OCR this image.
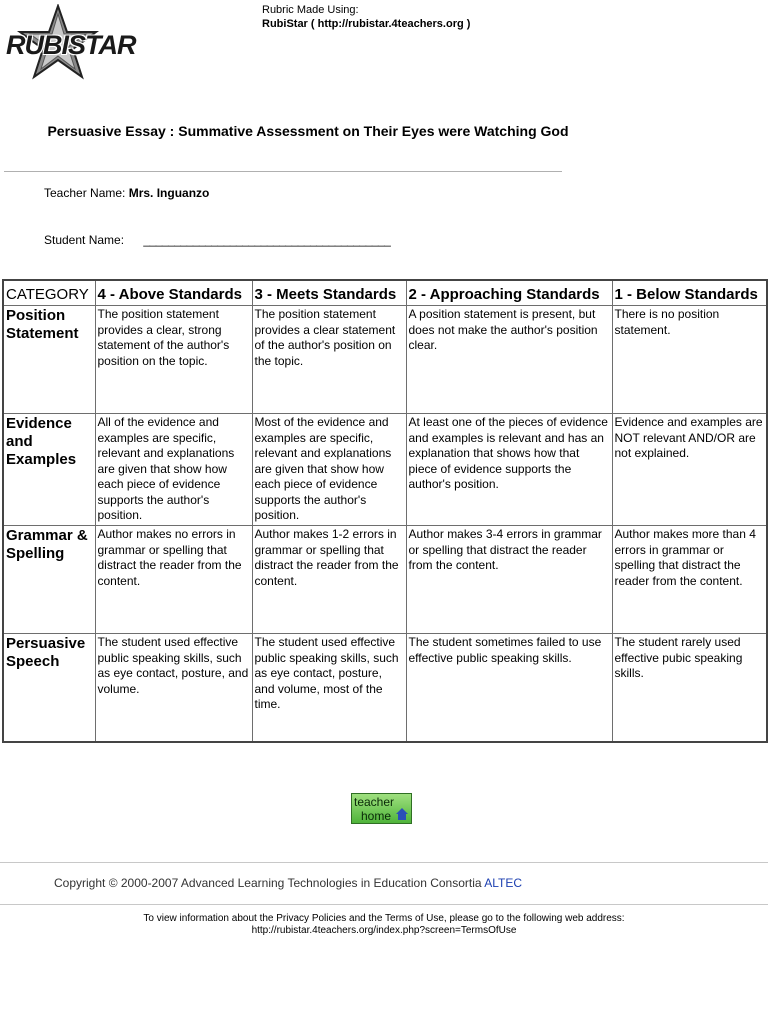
RUBISTAR
Rubric Made Using:
RubiStar ( http://rubistar.4teachers.org )
Persuasive Essay : Summative Assessment on Their Eyes were Watching God
Teacher Name: Mrs. Inguanzo
Student Name: ________________________________________
CATEGORY	4 - Above Standards	3 - Meets Standards	2 - Approaching Standards	1 - Below Standards
Position Statement	The position statement provides a clear, strong statement of the author's position on the topic.	The position statement provides a clear statement of the author's position on the topic.	A position statement is present, but does not make the author's position clear.	There is no position statement.
Evidence and Examples	All of the evidence and examples are specific, relevant and explanations are given that show how each piece of evidence supports the author's position.	Most of the evidence and examples are specific, relevant and explanations are given that show how each piece of evidence supports the author's position.	At least one of the pieces of evidence and examples is relevant and has an explanation that shows how that piece of evidence supports the author's position.	Evidence and examples are NOT relevant AND/OR are not explained.
Grammar & Spelling	Author makes no errors in grammar or spelling that distract the reader from the content.	Author makes 1-2 errors in grammar or spelling that distract the reader from the content.	Author makes 3-4 errors in grammar or spelling that distract the reader from the content.	Author makes more than 4 errors in grammar or spelling that distract the reader from the content.
Persuasive Speech	The student used effective public speaking skills, such as eye contact, posture, and volume.	The student used effective public speaking skills, such as eye contact, posture, and volume, most of the time.	The student sometimes failed to use effective public speaking skills.	The student rarely used effective pubic speaking skills.
teacher
home
Copyright © 2000-2007 Advanced Learning Technologies in Education Consortia ALTEC
To view information about the Privacy Policies and the Terms of Use, please go to the following web address:
http://rubistar.4teachers.org/index.php?screen=TermsOfUse
